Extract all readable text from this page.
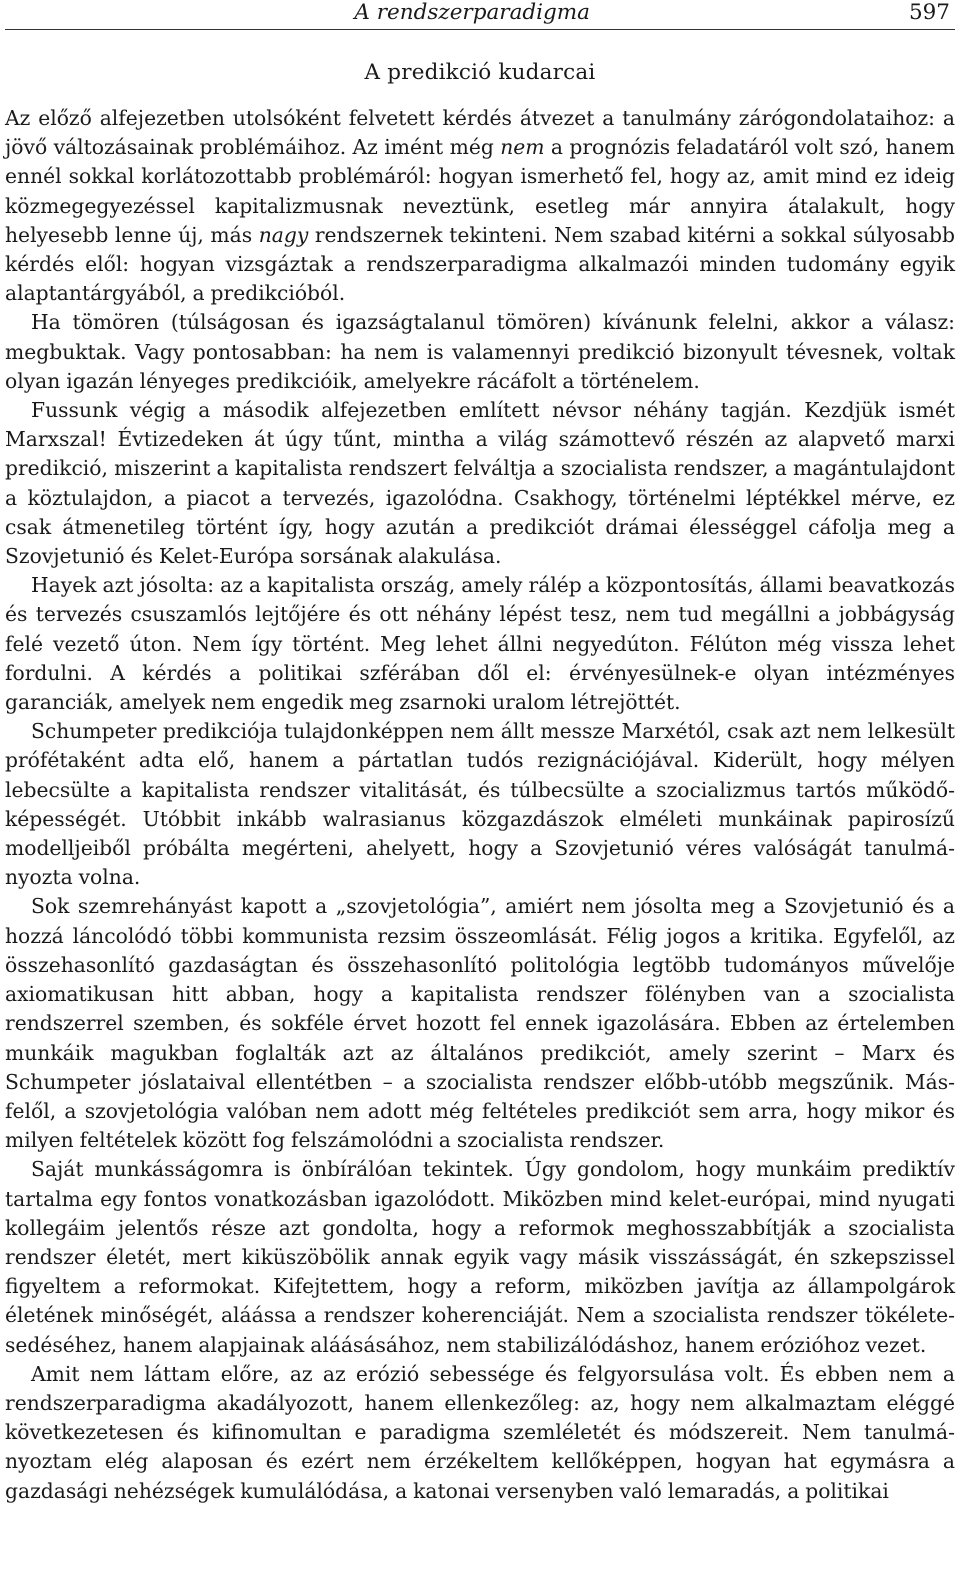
A rendszerparadigma	597
A predikció kudarcai

Az előző alfejezetben utolsóként felvetett kérdés átvezet a tanulmány zárógondolataihoz: a jövő változásainak problémáihoz. Az imént még nem a prognózis feladatáról volt szó, hanem ennél sokkal korlátozottabb problémáról: hogyan ismerhető fel, hogy az, amit mind ez ideig közmegegyezéssel kapitalizmusnak neveztünk, esetleg már annyira átalakult, hogy helyesebb lenne új, más nagy rendszernek tekinteni. Nem szabad kitérni a sokkal súlyosabb kérdés elől: hogyan vizsgáztak a rendszerparadigma alkalmazói minden tudomány egyik alaptantárgyából, a predikcióból.

Ha tömören (túlságosan és igazságtalanul tömören) kívánunk felelni, akkor a válasz: megbuktak. Vagy pontosabban: ha nem is valamennyi predikció bizonyult tévesnek, voltak olyan igazán lényeges predikcióik, amelyekre rácáfolt a történelem.

Fussunk végig a második alfejezetben említett névsor néhány tagján. Kezdjük ismét Marxszal! Évtizedeken át úgy tűnt, mintha a világ számottevő részén az alapvető marxi predikció, miszerint a kapitalista rendszert felváltja a szocialista rendszer, a magántulajdont a köztulajdon, a piacot a tervezés, igazolódna. Csakhogy, történelmi léptékkel mérve, ez csak átmenetileg történt így, hogy azután a predikciót drámai élességgel cáfolja meg a Szovjetunió és Kelet-Európa sorsának alakulása.

Hayek azt jósolta: az a kapitalista ország, amely rálép a központosítás, állami beavatkozás és tervezés csuszamlós lejtőjére és ott néhány lépést tesz, nem tud megállni a jobbágyság felé vezető úton. Nem így történt. Meg lehet állni negyedúton. Félúton még vissza lehet fordulni. A kérdés a politikai szférában dől el: érvényesülnek-e olyan intézményes garanciák, amelyek nem engedik meg zsarnoki uralom létrejöttét.

Schumpeter predikciója tulajdonképpen nem állt messze Marxétól, csak azt nem lelkesült prófétaként adta elő, hanem a pártatlan tudós rezignációjával. Kiderült, hogy mélyen lebecsülte a kapitalista rendszer vitalitását, és túlbecsülte a szocializmus tartós működőképességét. Utóbbit inkább walrasianus közgazdászok elméleti munkáinak papirosízű modelljeiből próbálta megérteni, ahelyett, hogy a Szovjetunió véres valóságát tanulmányozta volna.

Sok szemrehányást kapott a „szovjetológia”, amiért nem jósolta meg a Szovjetunió és a hozzá láncolódó többi kommunista rezsim összeomlását. Félig jogos a kritika. Egyfelől, az összehasonlító gazdaságtan és összehasonlító politológia legtöbb tudományos művelője axiomatikusan hitt abban, hogy a kapitalista rendszer fölényben van a szocialista rendszerrel szemben, és sokféle érvet hozott fel ennek igazolására. Ebben az értelemben munkáik magukban foglalták azt az általános predikciót, amely szerint – Marx és Schumpeter jóslataival ellentétben – a szocialista rendszer előbb-utóbb megszűnik. Másfelől, a szovjetológia valóban nem adott még feltételes predikciót sem arra, hogy mikor és milyen feltételek között fog felszámolódni a szocialista rendszer.

Saját munkásságomra is önbírálóan tekintek. Úgy gondolom, hogy munkáim prediktív tartalma egy fontos vonatkozásban igazolódott. Miközben mind kelet-európai, mind nyugati kollegáim jelentős része azt gondolta, hogy a reformok meghosszabbítják a szocialista rendszer életét, mert kiküszöbölik annak egyik vagy másik visszásságát, én szkepszissel figyeltem a reformokat. Kifejtettem, hogy a reform, miközben javítja az állampolgárok életének minőségét, aláássa a rendszer koherenciáját. Nem a szocialista rendszer tökéletesedéséhez, hanem alapjainak aláásásához, nem stabilizálódáshoz, hanem erózióhoz vezet.

Amit nem láttam előre, az az erózió sebessége és felgyorsulása volt. És ebben nem a rendszerparadigma akadályozott, hanem ellenkezőleg: az, hogy nem alkalmaztam eléggé következetesen és kifinomultan e paradigma szemléletét és módszereit. Nem tanulmányoztam elég alaposan és ezért nem érzékeltem kellőképpen, hogyan hat egymásra a gazdasági nehézségek kumulálódása, a katonai versenyben való lemaradás, a politikai
